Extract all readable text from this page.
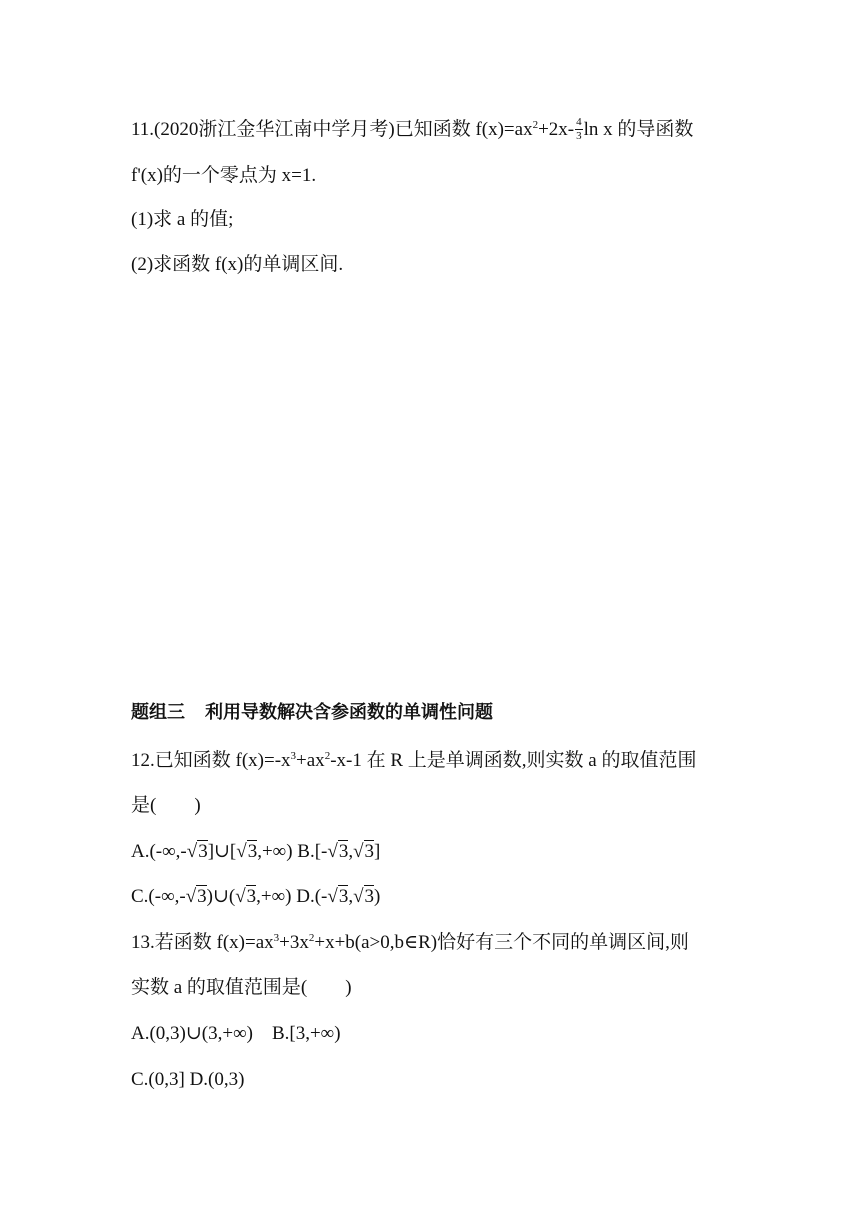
11.(2020浙江金华江南中学月考)已知函数 $f(x)=ax^2+2x- \frac{4}{3}$ ln x 的导函数
f'(x)的一个零点为 x=1.
(1)求 a 的值;
(2)求函数 f(x)的单调区间.
题组三 利用导数解决含参函数的单调性问题
12.已知函数 $f(x)=-x^3+ax^2-x-1$ 在 R 上是单调函数,则实数 a 的取值范围
是(　　)
A.(-∞,-√3]∪[√3,+∞) B.[-√3,√3]
C.(-∞,-√3)∪(√3,+∞) D.(-√3,√3)
13.若函数 $f(x)=ax^3+3x^2+x+b(a>0,b\in R)$恰好有三个不同的单调区间,则
实数 a 的取值范围是(　　)
A.(0,3)∪(3,+∞)　B.[3,+∞)
C.(0,3] D.(0,3)
